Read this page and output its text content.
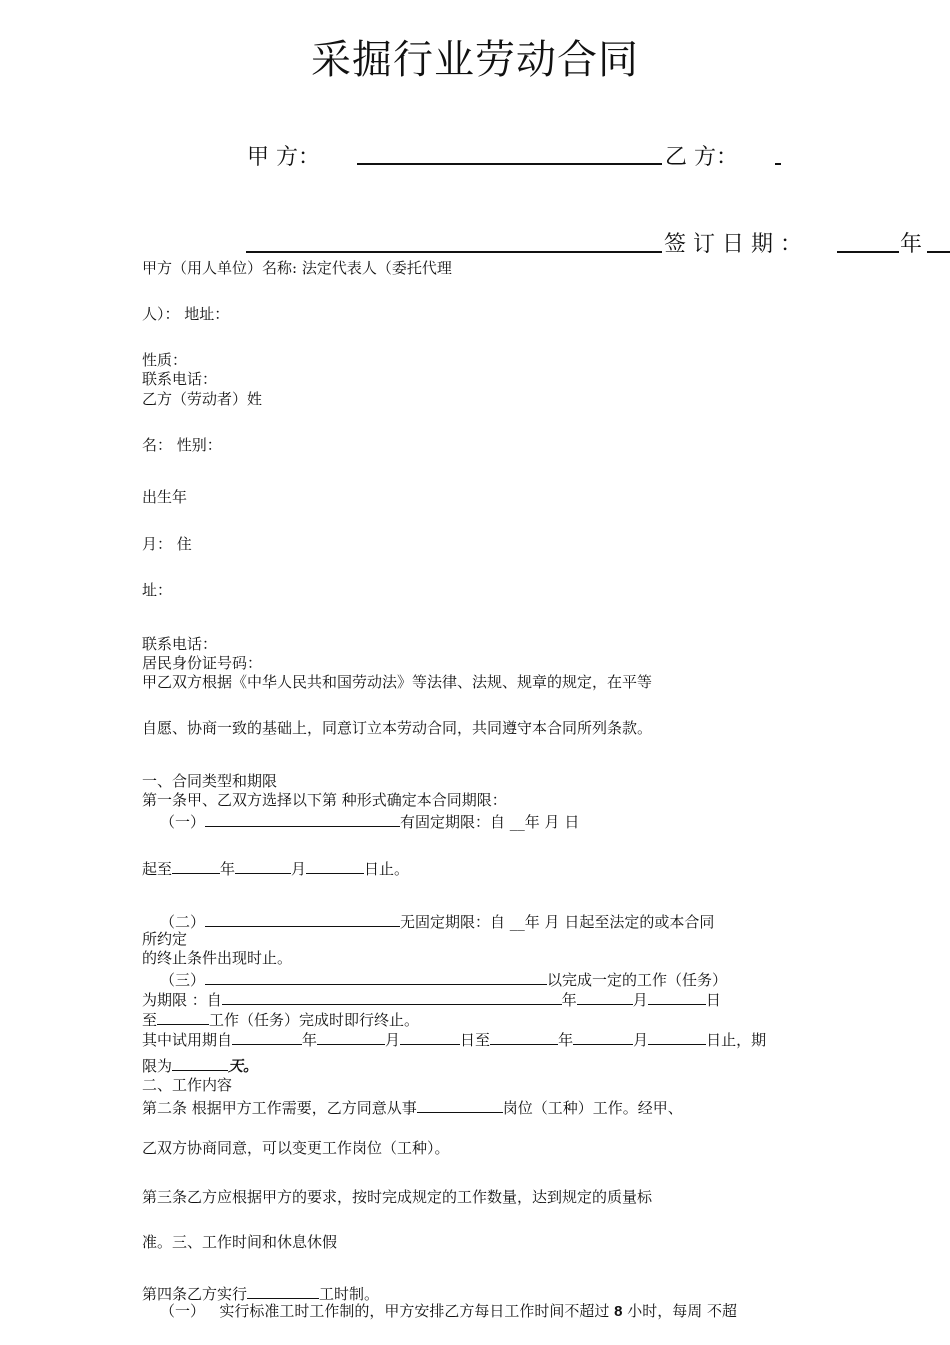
采掘行业劳动合同
甲 方：	乙 方：
签 订 日 期 ：	年
甲方（用人单位）名称: 法定代表人（委托代理
人）： 地址：
性质：
联系电话：
乙方（劳动者）姓
名： 性别：
出生年
月： 住
址：
联系电话：
居民身份证号码：
甲乙双方根据《中华人民共和国劳动法》等法律、法规、规章的规定，在平等
自愿、协商一致的基础上，同意订立本劳动合同，共同遵守本合同所列条款。
一、合同类型和期限
第一条甲、乙双方选择以下第 种形式确定本合同期限：
（一）	有固定期限：自 __年 月 日
起至	年	月	日止。
（二）	无固定期限：自 __年 月 日起至法定的或本合同
所约定
的终止条件出现时止。
（三）	以完成一定的工作（任务）
为期限 ：自	年	月	日
至	工作（任务）完成时即行终止。
其中试用期自	年	月	日至	年	月	日止，期
限为	天。
二、工作内容
第二条 根据甲方工作需要，乙方同意从事	岗位（工种）工作。经甲、
乙双方协商同意，可以变更工作岗位（工种）。
第三条乙方应根据甲方的要求，按时完成规定的工作数量，达到规定的质量标
准。三、工作时间和休息休假
第四条乙方实行	工时制。
（一） 实行标准工时工作制的，甲方安排乙方每日工作时间不超过 8 小时，每周 不超
